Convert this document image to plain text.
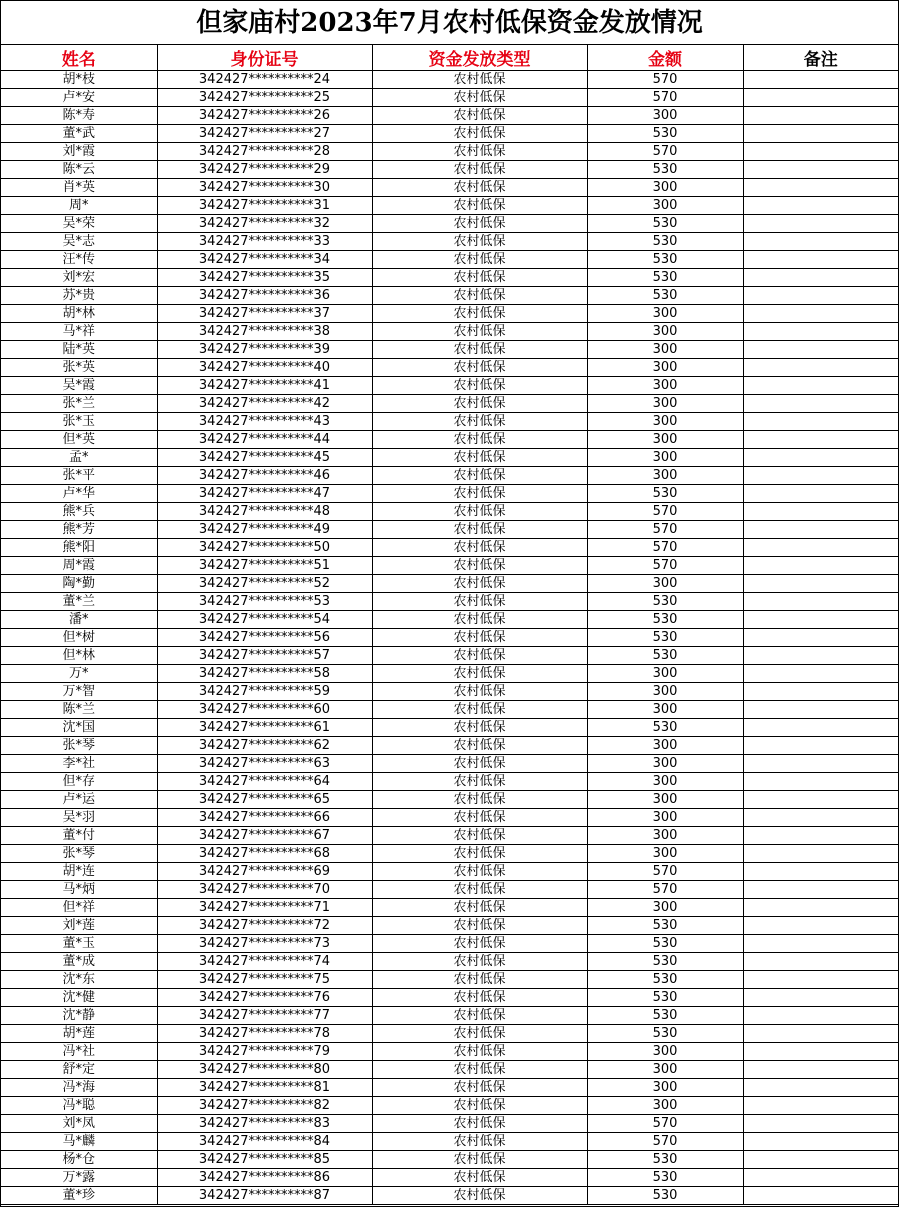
但家庙村2023年7月农村低保资金发放情况
姓名	身份证号	资金发放类型	金额	备注
胡*枝	342427**********24	农村低保	570	
卢*安	342427**********25	农村低保	570	
陈*寿	342427**********26	农村低保	300	
董*武	342427**********27	农村低保	530	
刘*霞	342427**********28	农村低保	570	
陈*云	342427**********29	农村低保	530	
肖*英	342427**********30	农村低保	300	
周*	342427**********31	农村低保	300	
吴*荣	342427**********32	农村低保	530	
吴*志	342427**********33	农村低保	530	
汪*传	342427**********34	农村低保	530	
刘*宏	342427**********35	农村低保	530	
苏*贵	342427**********36	农村低保	530	
胡*林	342427**********37	农村低保	300	
马*祥	342427**********38	农村低保	300	
陆*英	342427**********39	农村低保	300	
张*英	342427**********40	农村低保	300	
吴*霞	342427**********41	农村低保	300	
张*兰	342427**********42	农村低保	300	
张*玉	342427**********43	农村低保	300	
但*英	342427**********44	农村低保	300	
孟*	342427**********45	农村低保	300	
张*平	342427**********46	农村低保	300	
卢*华	342427**********47	农村低保	530	
熊*兵	342427**********48	农村低保	570	
熊*芳	342427**********49	农村低保	570	
熊*阳	342427**********50	农村低保	570	
周*霞	342427**********51	农村低保	570	
陶*勤	342427**********52	农村低保	300	
董*兰	342427**********53	农村低保	530	
潘*	342427**********54	农村低保	530	
但*树	342427**********56	农村低保	530	
但*林	342427**********57	农村低保	530	
万*	342427**********58	农村低保	300	
万*智	342427**********59	农村低保	300	
陈*兰	342427**********60	农村低保	300	
沈*国	342427**********61	农村低保	530	
张*琴	342427**********62	农村低保	300	
李*社	342427**********63	农村低保	300	
但*存	342427**********64	农村低保	300	
卢*运	342427**********65	农村低保	300	
吴*羽	342427**********66	农村低保	300	
董*付	342427**********67	农村低保	300	
张*琴	342427**********68	农村低保	300	
胡*连	342427**********69	农村低保	570	
马*炳	342427**********70	农村低保	570	
但*祥	342427**********71	农村低保	300	
刘*莲	342427**********72	农村低保	530	
董*玉	342427**********73	农村低保	530	
董*成	342427**********74	农村低保	530	
沈*东	342427**********75	农村低保	530	
沈*健	342427**********76	农村低保	530	
沈*静	342427**********77	农村低保	530	
胡*莲	342427**********78	农村低保	530	
冯*社	342427**********79	农村低保	300	
舒*定	342427**********80	农村低保	300	
冯*海	342427**********81	农村低保	300	
冯*聪	342427**********82	农村低保	300	
刘*凤	342427**********83	农村低保	570	
马*麟	342427**********84	农村低保	570	
杨*仓	342427**********85	农村低保	530	
万*露	342427**********86	农村低保	530	
董*珍	342427**********87	农村低保	530	
